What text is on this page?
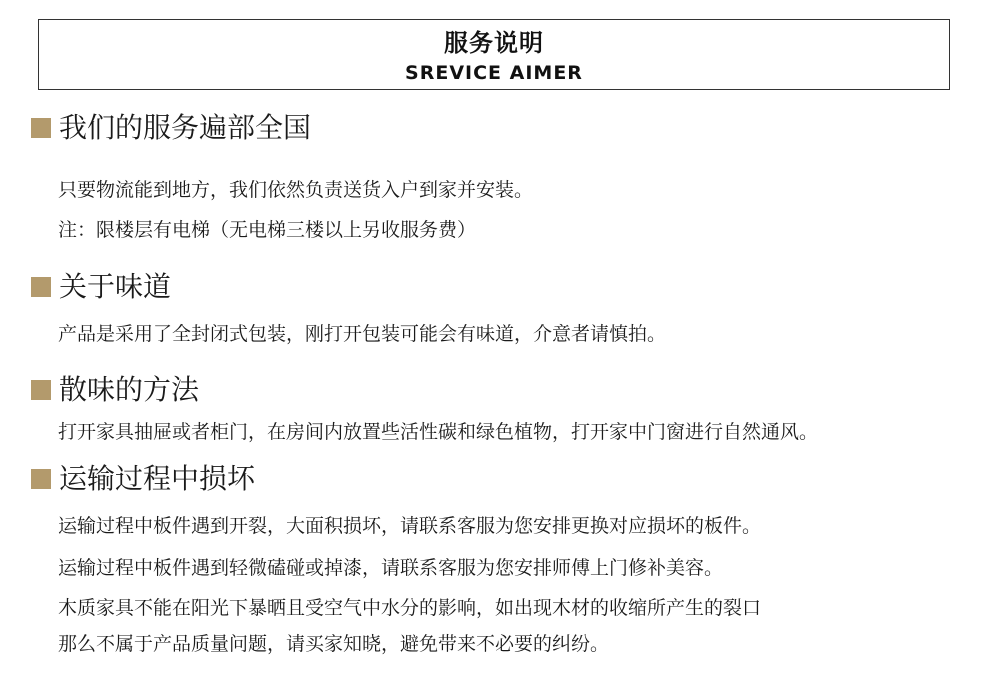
服务说明
SREVICE AIMER
我们的服务遍部全国
只要物流能到地方，我们依然负责送货入户到家并安装。
注：限楼层有电梯（无电梯三楼以上另收服务费）
关于味道
产品是采用了全封闭式包装，刚打开包装可能会有味道，介意者请慎拍。
散味的方法
打开家具抽屉或者柜门，在房间内放置些活性碳和绿色植物，打开家中门窗进行自然通风。
运输过程中损坏
运输过程中板件遇到开裂，大面积损坏，请联系客服为您安排更换对应损坏的板件。
运输过程中板件遇到轻微磕碰或掉漆，请联系客服为您安排师傅上门修补美容。
木质家具不能在阳光下暴晒且受空气中水分的影响，如出现木材的收缩所产生的裂口
那么不属于产品质量问题，请买家知晓，避免带来不必要的纠纷。
